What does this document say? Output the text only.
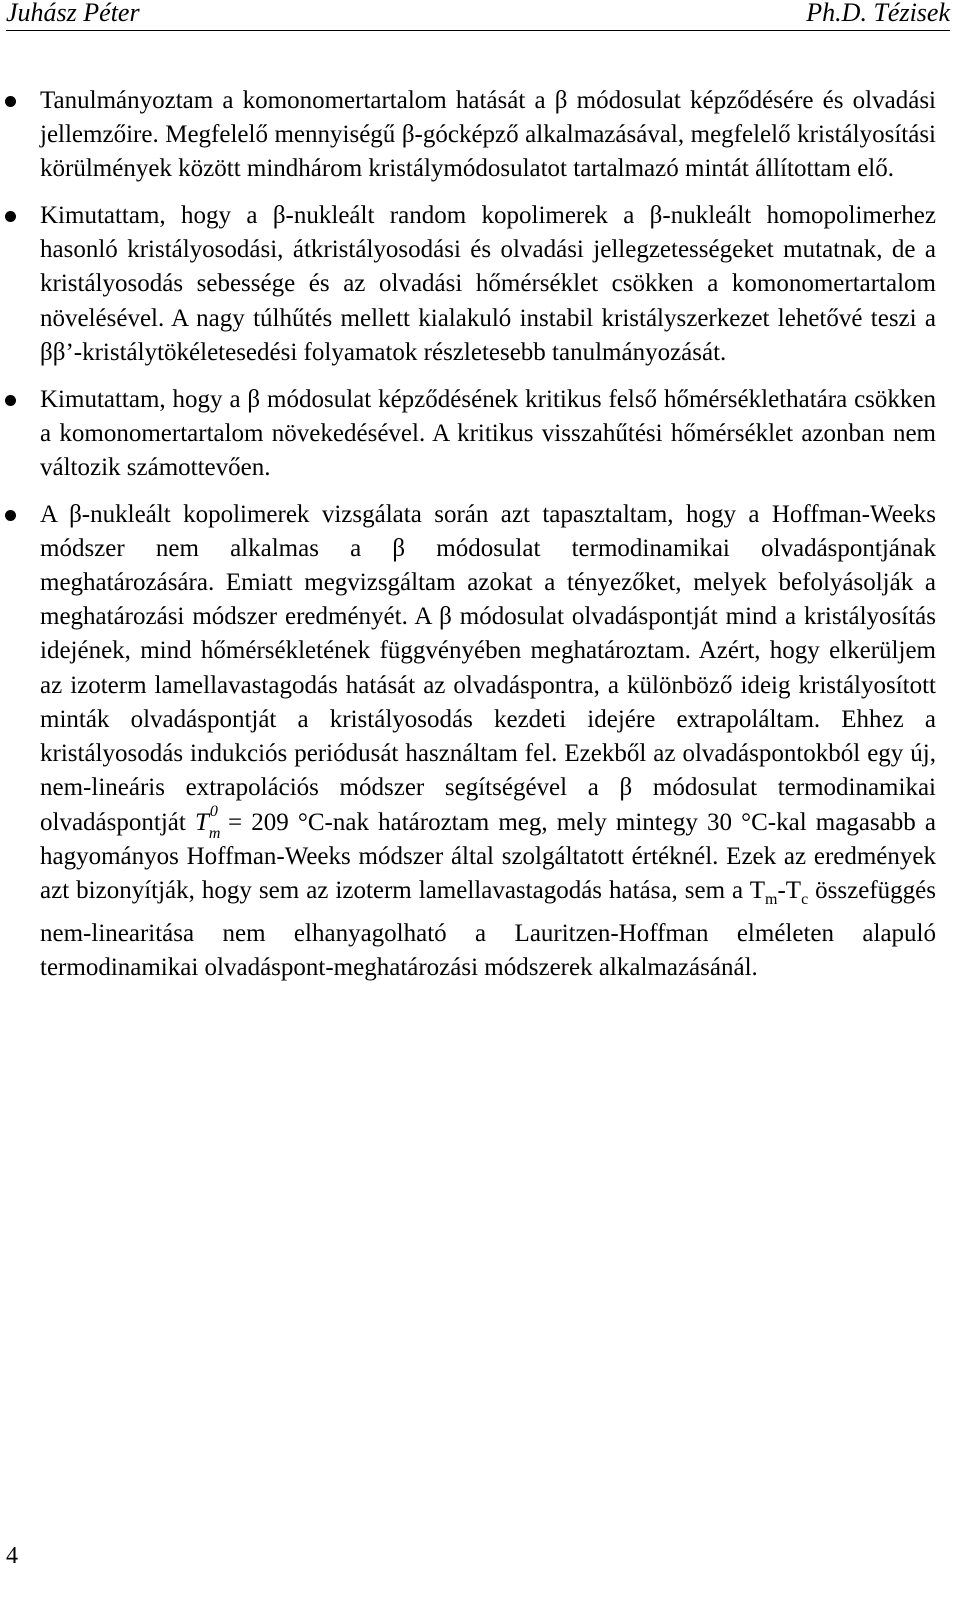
Juhász Péter	Ph.D. Tézisek
Tanulmányoztam a komonomertartalom hatását a β módosulat képződésére és olvadási jellemzőire. Megfelelő mennyiségű β-gócképző alkalmazásával, megfelelő kristályosítási körülmények között mindhárom kristálymódosulatot tartalmazó mintát állítottam elő.
Kimutattam, hogy a β-nukleált random kopolimerek a β-nukleált homopolimerhez hasonló kristályosodási, átkristályosodási és olvadási jellegzetességeket mutatnak, de a kristályosodás sebessége és az olvadási hőmérséklet csökken a komonomertartalom növelésével. A nagy túlhűtés mellett kialakuló instabil kristályszerkezet lehetővé teszi a ββ’-kristálytökéletesedési folyamatok részletesebb tanulmányozását.
Kimutattam, hogy a β módosulat képződésének kritikus felső hőmérséklethatára csökken a komonomertartalom növekedésével. A kritikus visszahűtési hőmérséklet azonban nem változik számottevően.
A β-nukleált kopolimerek vizsgálata során azt tapasztaltam, hogy a Hoffman-Weeks módszer nem alkalmas a β módosulat termodinamikai olvadáspontjának meghatározására. Emiatt megvizsgáltam azokat a tényezőket, melyek befolyásolják a meghatározási módszer eredményét. A β módosulat olvadáspontját mind a kristályosítás idejének, mind hőmérsékletének függvényében meghatároztam. Azért, hogy elkerüljem az izoterm lamellavastagodás hatását az olvadáspontra, a különböző ideig kristályosított minták olvadáspontját a kristályosodás kezdeti idejére extrapoláltam. Ehhez a kristályosodás indukciós periódusát használtam fel. Ezekből az olvadáspontokból egy új, nem-lineáris extrapolációs módszer segítségével a β módosulat termodinamikai olvadáspontját T 0
m
= 209 °C-nak határoztam meg, mely mintegy 30 °C-kal magasabb a hagyományos Hoffman-Weeks módszer által szolgáltatott értéknél. Ezek az eredmények azt bizonyítják, hogy sem az izoterm lamellavastagodás hatása, sem a $T_m-T_c$ összefüggés nem-linearitása nem elhanyagolható a Lauritzen-Hoffman elméleten alapuló termodinamikai olvadáspont-meghatározási módszerek alkalmazásánál.
4
